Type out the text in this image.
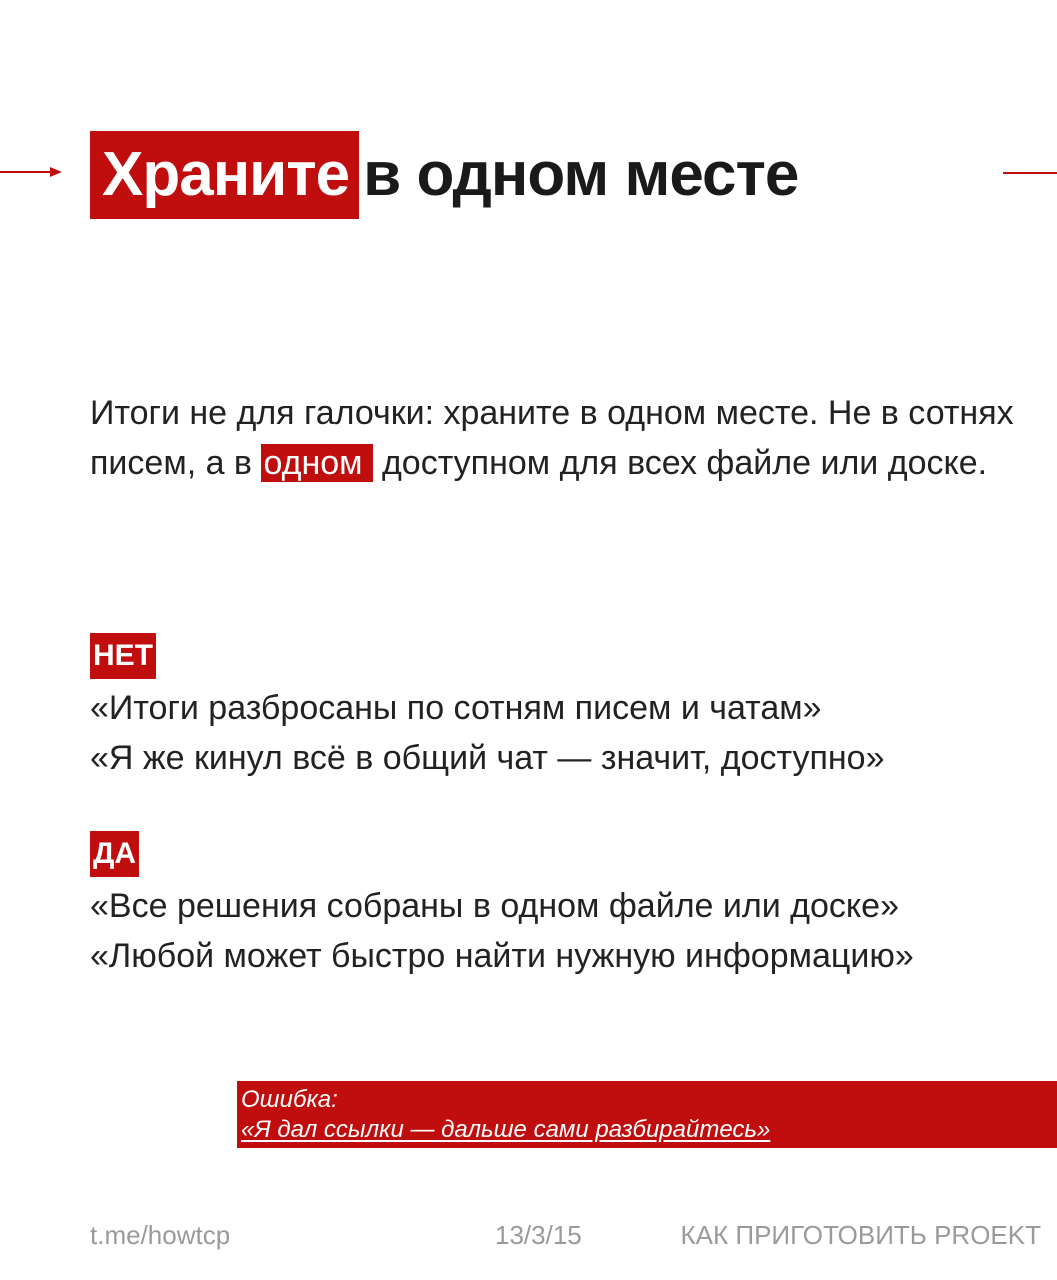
Храните в одном месте
Итоги не для галочки: храните в одном месте. Не в сотнях писем, а в одном доступном для всех файле или доске.
НЕТ
«Итоги разбросаны по сотням писем и чатам»
«Я же кинул всё в общий чат — значит, доступно»
ДА
«Все решения собраны в одном файле или доске»
«Любой может быстро найти нужную информацию»
Ошибка:
«Я дал ссылки — дальше сами разбирайтесь»
t.me/howtcp	13/3/15	КАК ПРИГОТОВИТЬ PROEKT
